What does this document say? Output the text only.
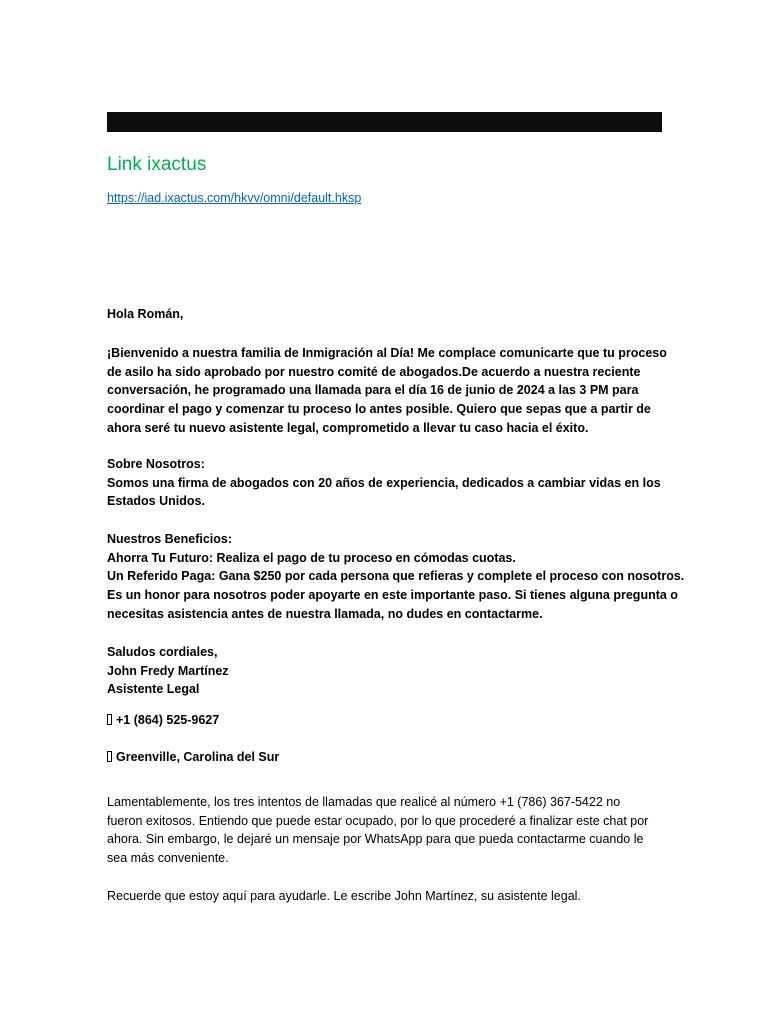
Link ixactus
https://iad.ixactus.com/hkvv/omni/default.hksp
Hola Román,
¡Bienvenido a nuestra familia de Inmigración al Día! Me complace comunicarte que tu proceso
de asilo ha sido aprobado por nuestro comité de abogados.De acuerdo a nuestra reciente
conversación, he programado una llamada para el día 16 de junio de 2024 a las 3 PM para
coordinar el pago y comenzar tu proceso lo antes posible. Quiero que sepas que a partir de
ahora seré tu nuevo asistente legal, comprometido a llevar tu caso hacia el éxito.
Sobre Nosotros:
Somos una firma de abogados con 20 años de experiencia, dedicados a cambiar vidas en los
Estados Unidos.
Nuestros Beneficios:
Ahorra Tu Futuro: Realiza el pago de tu proceso en cómodas cuotas.
Un Referido Paga: Gana $250 por cada persona que refieras y complete el proceso con nosotros.
Es un honor para nosotros poder apoyarte en este importante paso. Si tienes alguna pregunta o
necesitas asistencia antes de nuestra llamada, no dudes en contactarme.
Saludos cordiales,
John Fredy Martínez
Asistente Legal
+1 (864) 525-9627
Greenville, Carolina del Sur
Lamentablemente, los tres intentos de llamadas que realicé al número +1 (786) 367-5422 no
fueron exitosos. Entiendo que puede estar ocupado, por lo que procederé a finalizar este chat por
ahora. Sin embargo, le dejaré un mensaje por WhatsApp para que pueda contactarme cuando le
sea más conveniente.
Recuerde que estoy aquí para ayudarle. Le escribe John Martínez, su asistente legal.
